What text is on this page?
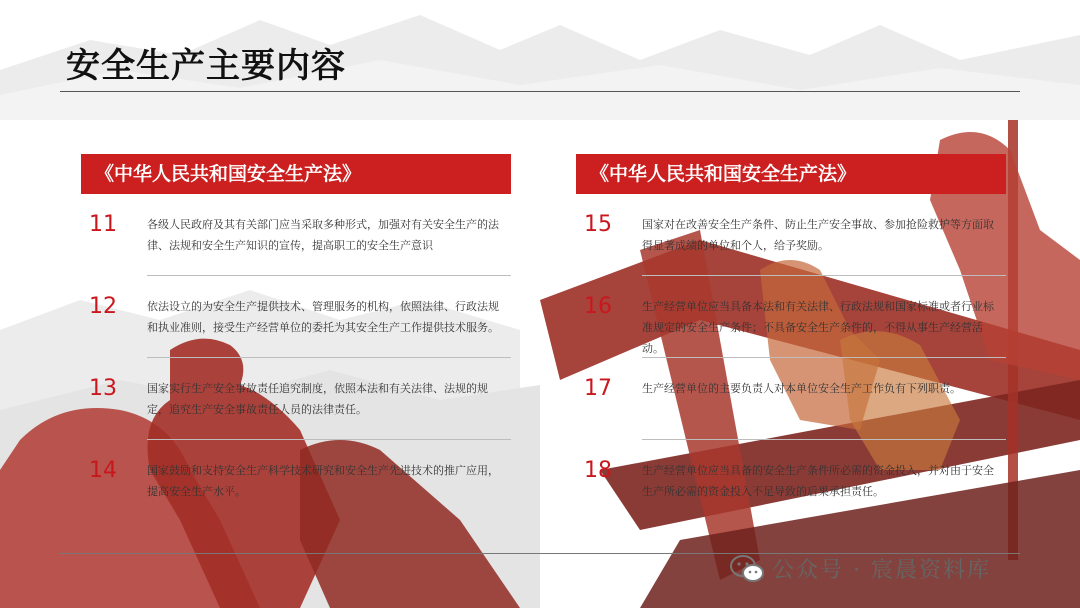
安全生产主要内容
《中华人民共和国安全生产法》
11	各级人民政府及其有关部门应当采取多种形式，加强对有关安全生产的法律、法规和安全生产知识的宣传，提高职工的安全生产意识
12	依法设立的为安全生产提供技术、管理服务的机构，依照法律、行政法规和执业准则，接受生产经营单位的委托为其安全生产工作提供技术服务。
13	国家实行生产安全事故责任追究制度，依照本法和有关法律、法规的规定，追究生产安全事故责任人员的法律责任。
14	国家鼓励和支持安全生产科学技术研究和安全生产先进技术的推广应用，提高安全生产水平。
《中华人民共和国安全生产法》
15	国家对在改善安全生产条件、防止生产安全事故、参加抢险救护等方面取得显著成绩的单位和个人，给予奖励。
16	生产经营单位应当具备本法和有关法律、行政法规和国家标准或者行业标准规定的安全生产条件；不具备安全生产条件的，不得从事生产经营活动。
17	生产经营单位的主要负责人对本单位安全生产工作负有下列职责。
18	生产经营单位应当具备的安全生产条件所必需的资金投入，并对由于安全生产所必需的资金投入不足导致的后果承担责任。
公众号 · 宸晨资料库
